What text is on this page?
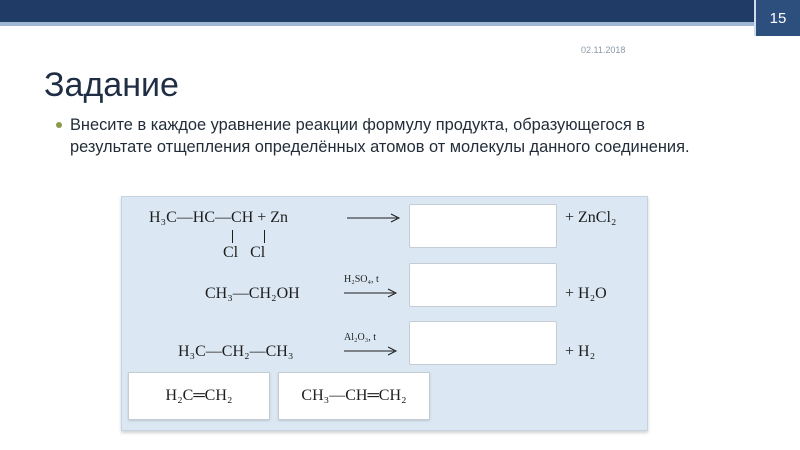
15
02.11.2018
Задание
Внесите в каждое уравнение реакции формулу продукта, образующегося в результате отщепления определённых атомов от молекулы данного соединения.
H₃C—HC—CH + Zn
Cl   Cl
+ ZnCl₂
CH₃—CH₂OH
H₂SO₄, t
+ H₂O
H₃C—CH₂—CH₃
Al₂O₃, t
+ H₂
H₂C═CH₂	CH₃—CH═CH₂
